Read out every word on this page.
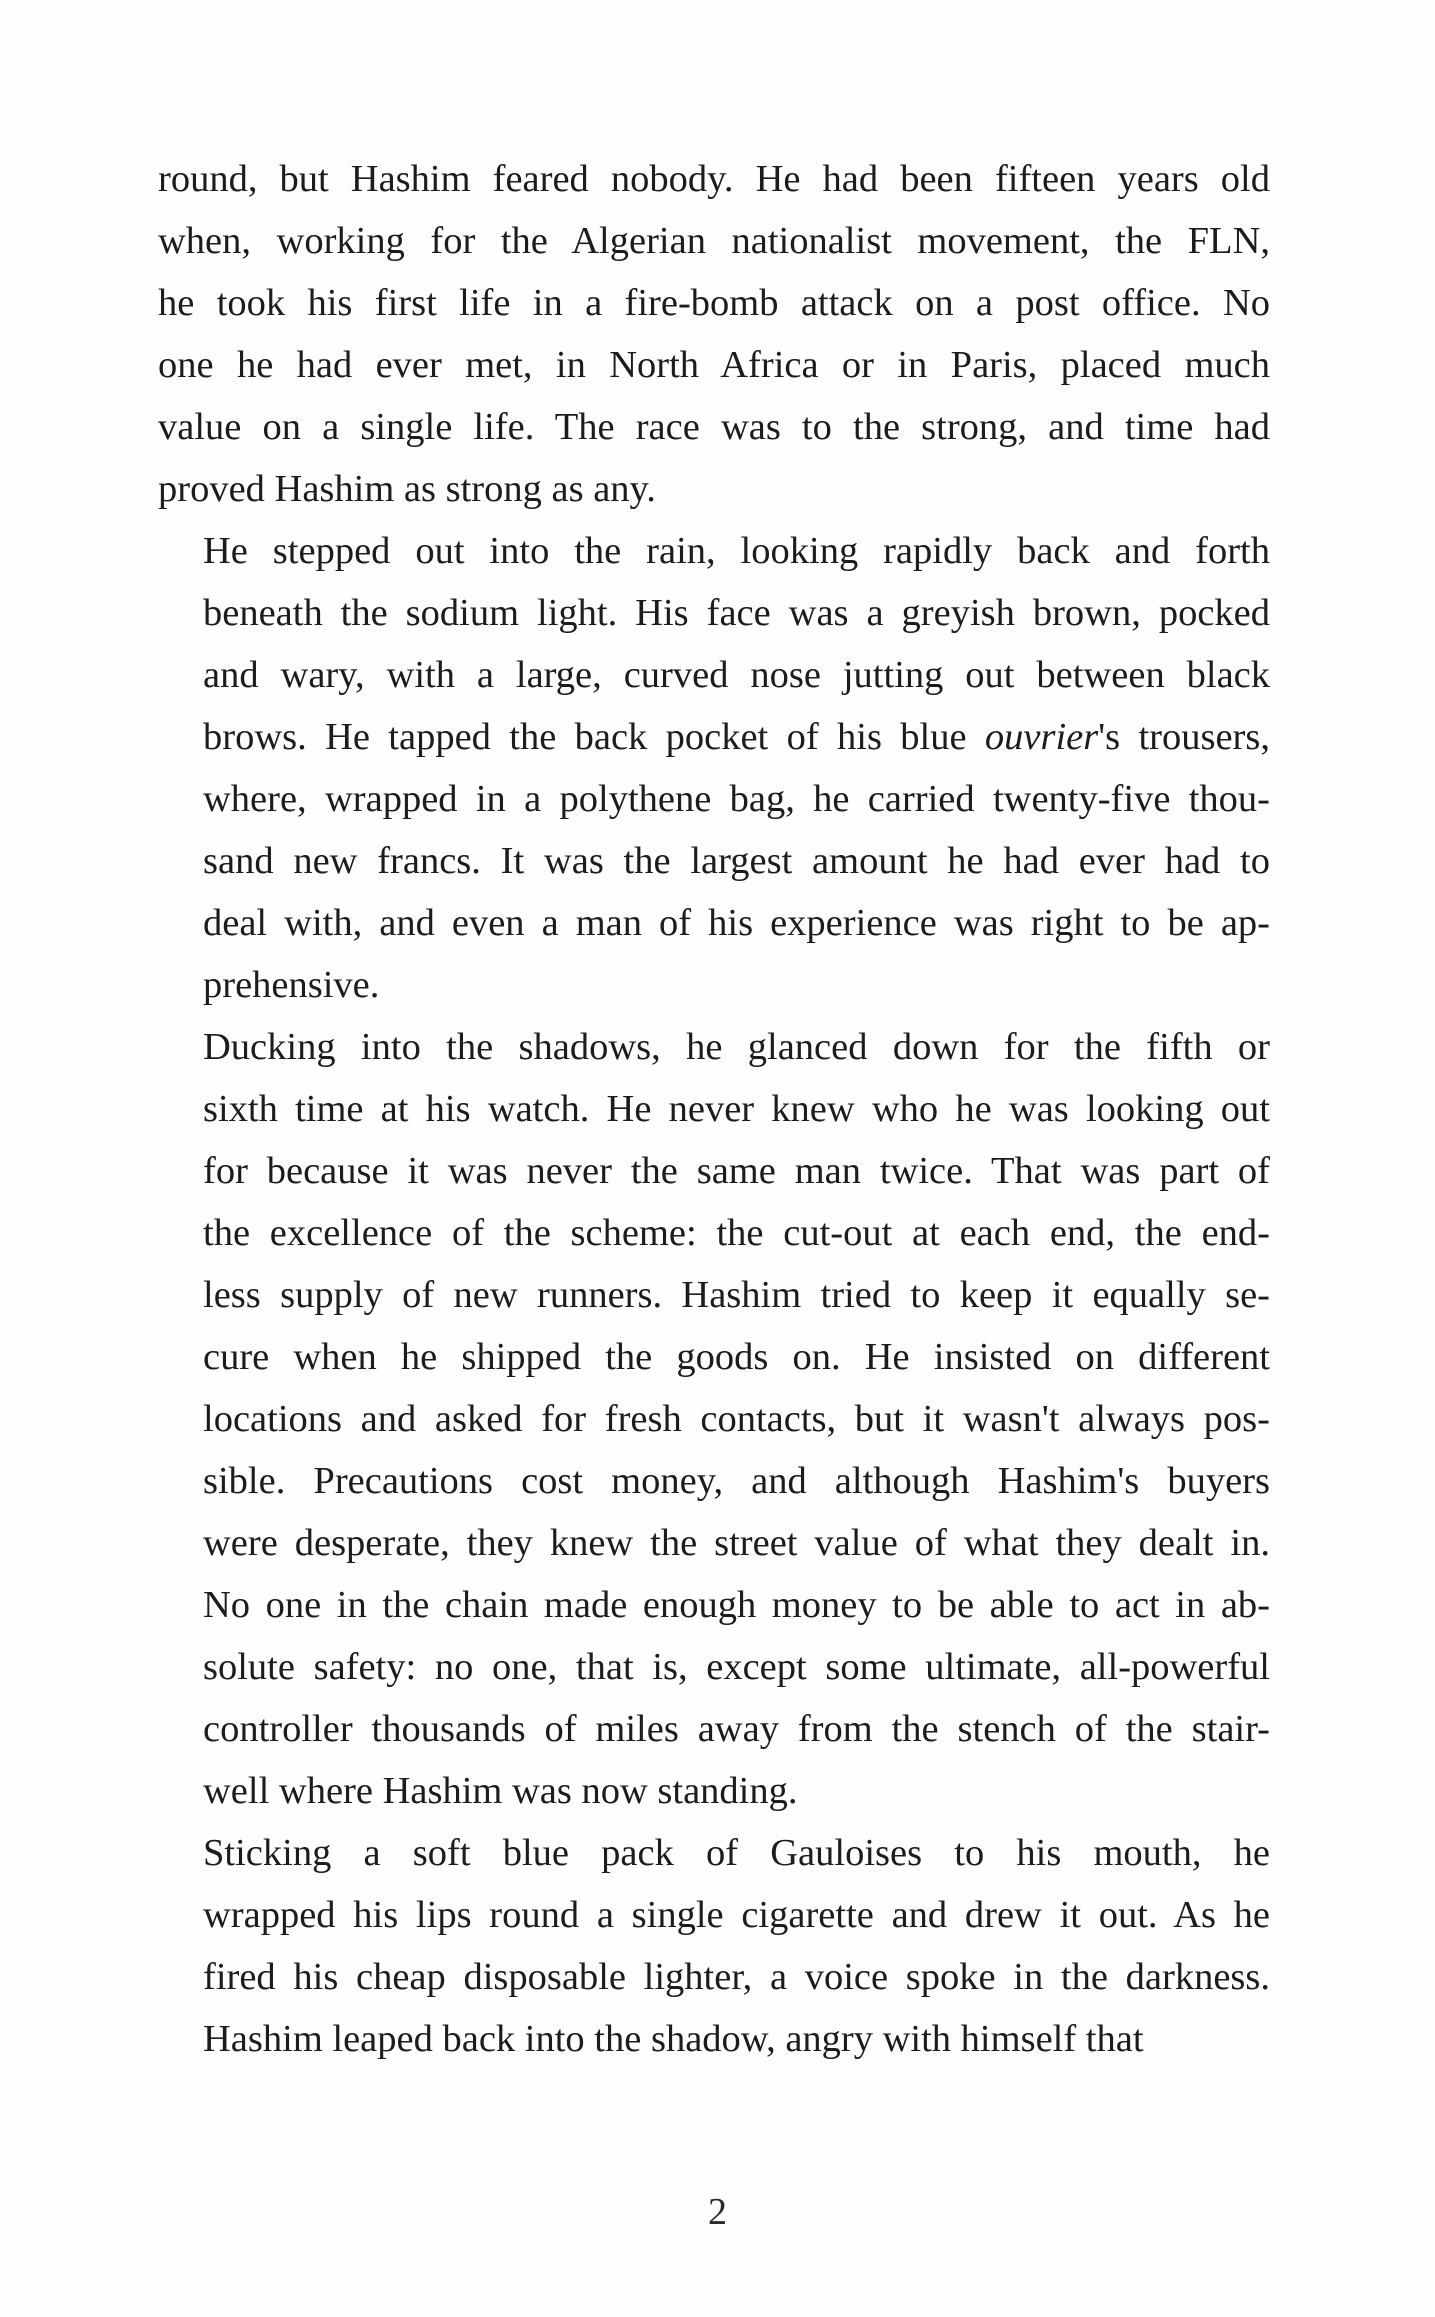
round, but Hashim feared nobody. He had been fifteen years old
when, working for the Algerian nationalist movement, the FLN,
he took his first life in a fire-bomb attack on a post office. No
one he had ever met, in North Africa or in Paris, placed much
value on a single life. The race was to the strong, and time had
proved Hashim as strong as any.
He stepped out into the rain, looking rapidly back and forth
beneath the sodium light. His face was a greyish brown, pocked
and wary, with a large, curved nose jutting out between black
brows. He tapped the back pocket of his blue ouvrier's trousers,
where, wrapped in a polythene bag, he carried twenty-five thou-
sand new francs. It was the largest amount he had ever had to
deal with, and even a man of his experience was right to be ap-
prehensive.
Ducking into the shadows, he glanced down for the fifth or
sixth time at his watch. He never knew who he was looking out
for because it was never the same man twice. That was part of
the excellence of the scheme: the cut-out at each end, the end-
less supply of new runners. Hashim tried to keep it equally se-
cure when he shipped the goods on. He insisted on different
locations and asked for fresh contacts, but it wasn't always pos-
sible. Precautions cost money, and although Hashim's buyers
were desperate, they knew the street value of what they dealt in.
No one in the chain made enough money to be able to act in ab-
solute safety: no one, that is, except some ultimate, all-powerful
controller thousands of miles away from the stench of the stair-
well where Hashim was now standing.
Sticking a soft blue pack of Gauloises to his mouth, he
wrapped his lips round a single cigarette and drew it out. As he
fired his cheap disposable lighter, a voice spoke in the darkness.
Hashim leaped back into the shadow, angry with himself that
2
